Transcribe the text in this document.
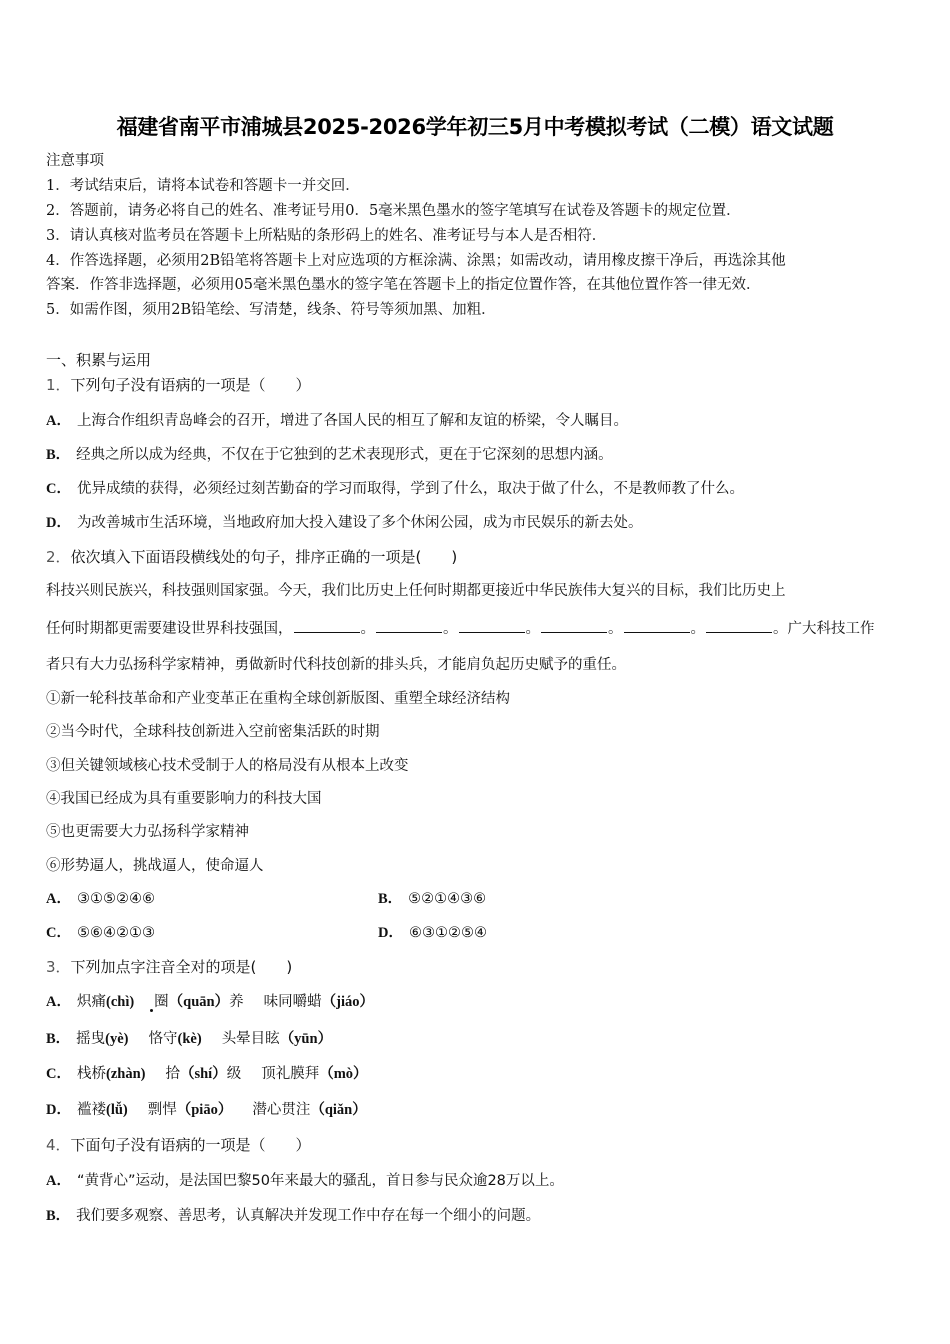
福建省南平市浦城县2025-2026学年初三5月中考模拟考试（二模）语文试题
注意事项
1．考试结束后，请将本试卷和答题卡一并交回．
2．答题前，请务必将自己的姓名、准考证号用0．5毫米黑色墨水的签字笔填写在试卷及答题卡的规定位置．
3．请认真核对监考员在答题卡上所粘贴的条形码上的姓名、准考证号与本人是否相符．
4．作答选择题，必须用2B铅笔将答题卡上对应选项的方框涂满、涂黑；如需改动，请用橡皮擦干净后，再选涂其他
答案．作答非选择题，必须用05毫米黑色墨水的签字笔在答题卡上的指定位置作答，在其他位置作答一律无效．
5．如需作图，须用2B铅笔绘、写清楚，线条、符号等须加黑、加粗．
一、积累与运用
1．下列句子没有语病的一项是（　　）
A． 上海合作组织青岛峰会的召开，增进了各国人民的相互了解和友谊的桥梁，令人瞩目。
B． 经典之所以成为经典，不仅在于它独到的艺术表现形式，更在于它深刻的思想内涵。
C． 优异成绩的获得，必须经过刻苦勤奋的学习而取得，学到了什么，取决于做了什么，不是教师教了什么。
D． 为改善城市生活环境，当地政府加大投入建设了多个休闲公园，成为市民娱乐的新去处。
2．依次填入下面语段横线处的句子，排序正确的一项是(　　)
科技兴则民族兴，科技强则国家强。今天，我们比历史上任何时期都更接近中华民族伟大复兴的目标，我们比历史上
任何时期都更需要建设世界科技强国，	。	。	。	。	。	。广大科技工作
者只有大力弘扬科学家精神，勇做新时代科技创新的排头兵，才能肩负起历史赋予的重任。
①新一轮科技革命和产业变革正在重构全球创新版图、重塑全球经济结构
②当今时代，全球科技创新进入空前密集活跃的时期
③但关键领域核心技术受制于人的格局没有从根本上改变
④我国已经成为具有重要影响力的科技大国
⑤也更需要大力弘扬科学家精神
⑥形势逼人，挑战逼人，使命逼人
A． ③①⑤②④⑥	B． ⑤②①④③⑥
C． ⑤⑥④②①③	D． ⑥③①②⑤④
3．下列加点字注音全对的项是(　　)
A． 炽痛(chì) 圈（quān）养 味同嚼蜡（jiáo）
B． 摇曳(yè) 恪守(kè) 头晕目眩（yūn）
C． 栈桥(zhàn) 拾（shí）级 顶礼膜拜（mò）
D． 褴褛(lǚ) 剽悍（piāo） 潜心贯注（qiǎn）
4．下面句子没有语病的一项是（　　）
A． “黄背心”运动，是法国巴黎50年来最大的骚乱，首日参与民众逾28万以上。
B． 我们要多观察、善思考，认真解决并发现工作中存在每一个细小的问题。
